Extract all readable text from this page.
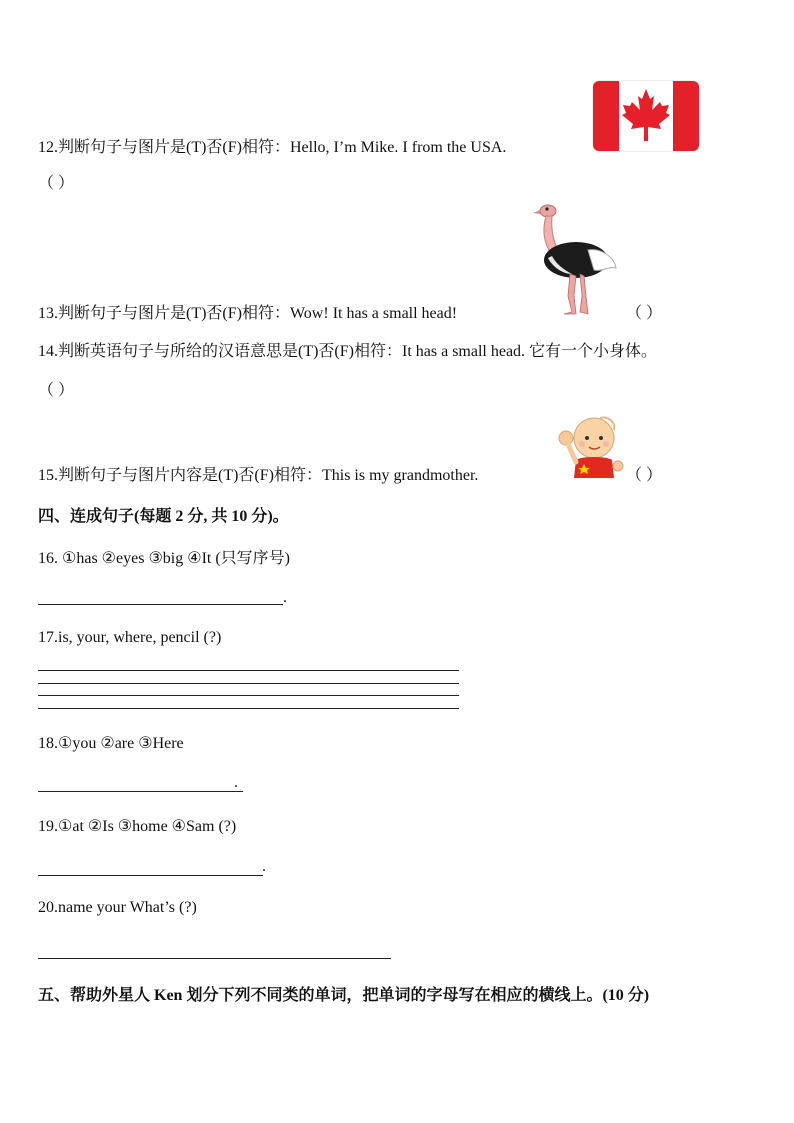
12.判断句子与图片是(T)否(F)相符：Hello, I’m Mike. I from the USA.
（ ）
13.判断句子与图片是(T)否(F)相符：Wow! It has a small head!	（ ）
14.判断英语句子与所给的汉语意思是(T)否(F)相符：It has a small head. 它有一个小身体。
（ ）
15.判断句子与图片内容是(T)否(F)相符：This is my grandmother.	（ ）
四、连成句子(每题 2 分, 共 10 分)。
16. ①has ②eyes ③big ④It (只写序号)
.
17.is, your, where, pencil (?)
18.①you ②are ③Here
.
19.①at ②Is ③home ④Sam (?)
.
20.name your What’s (?)
五、帮助外星人 Ken 划分下列不同类的单词，把单词的字母写在相应的横线上。(10 分)
